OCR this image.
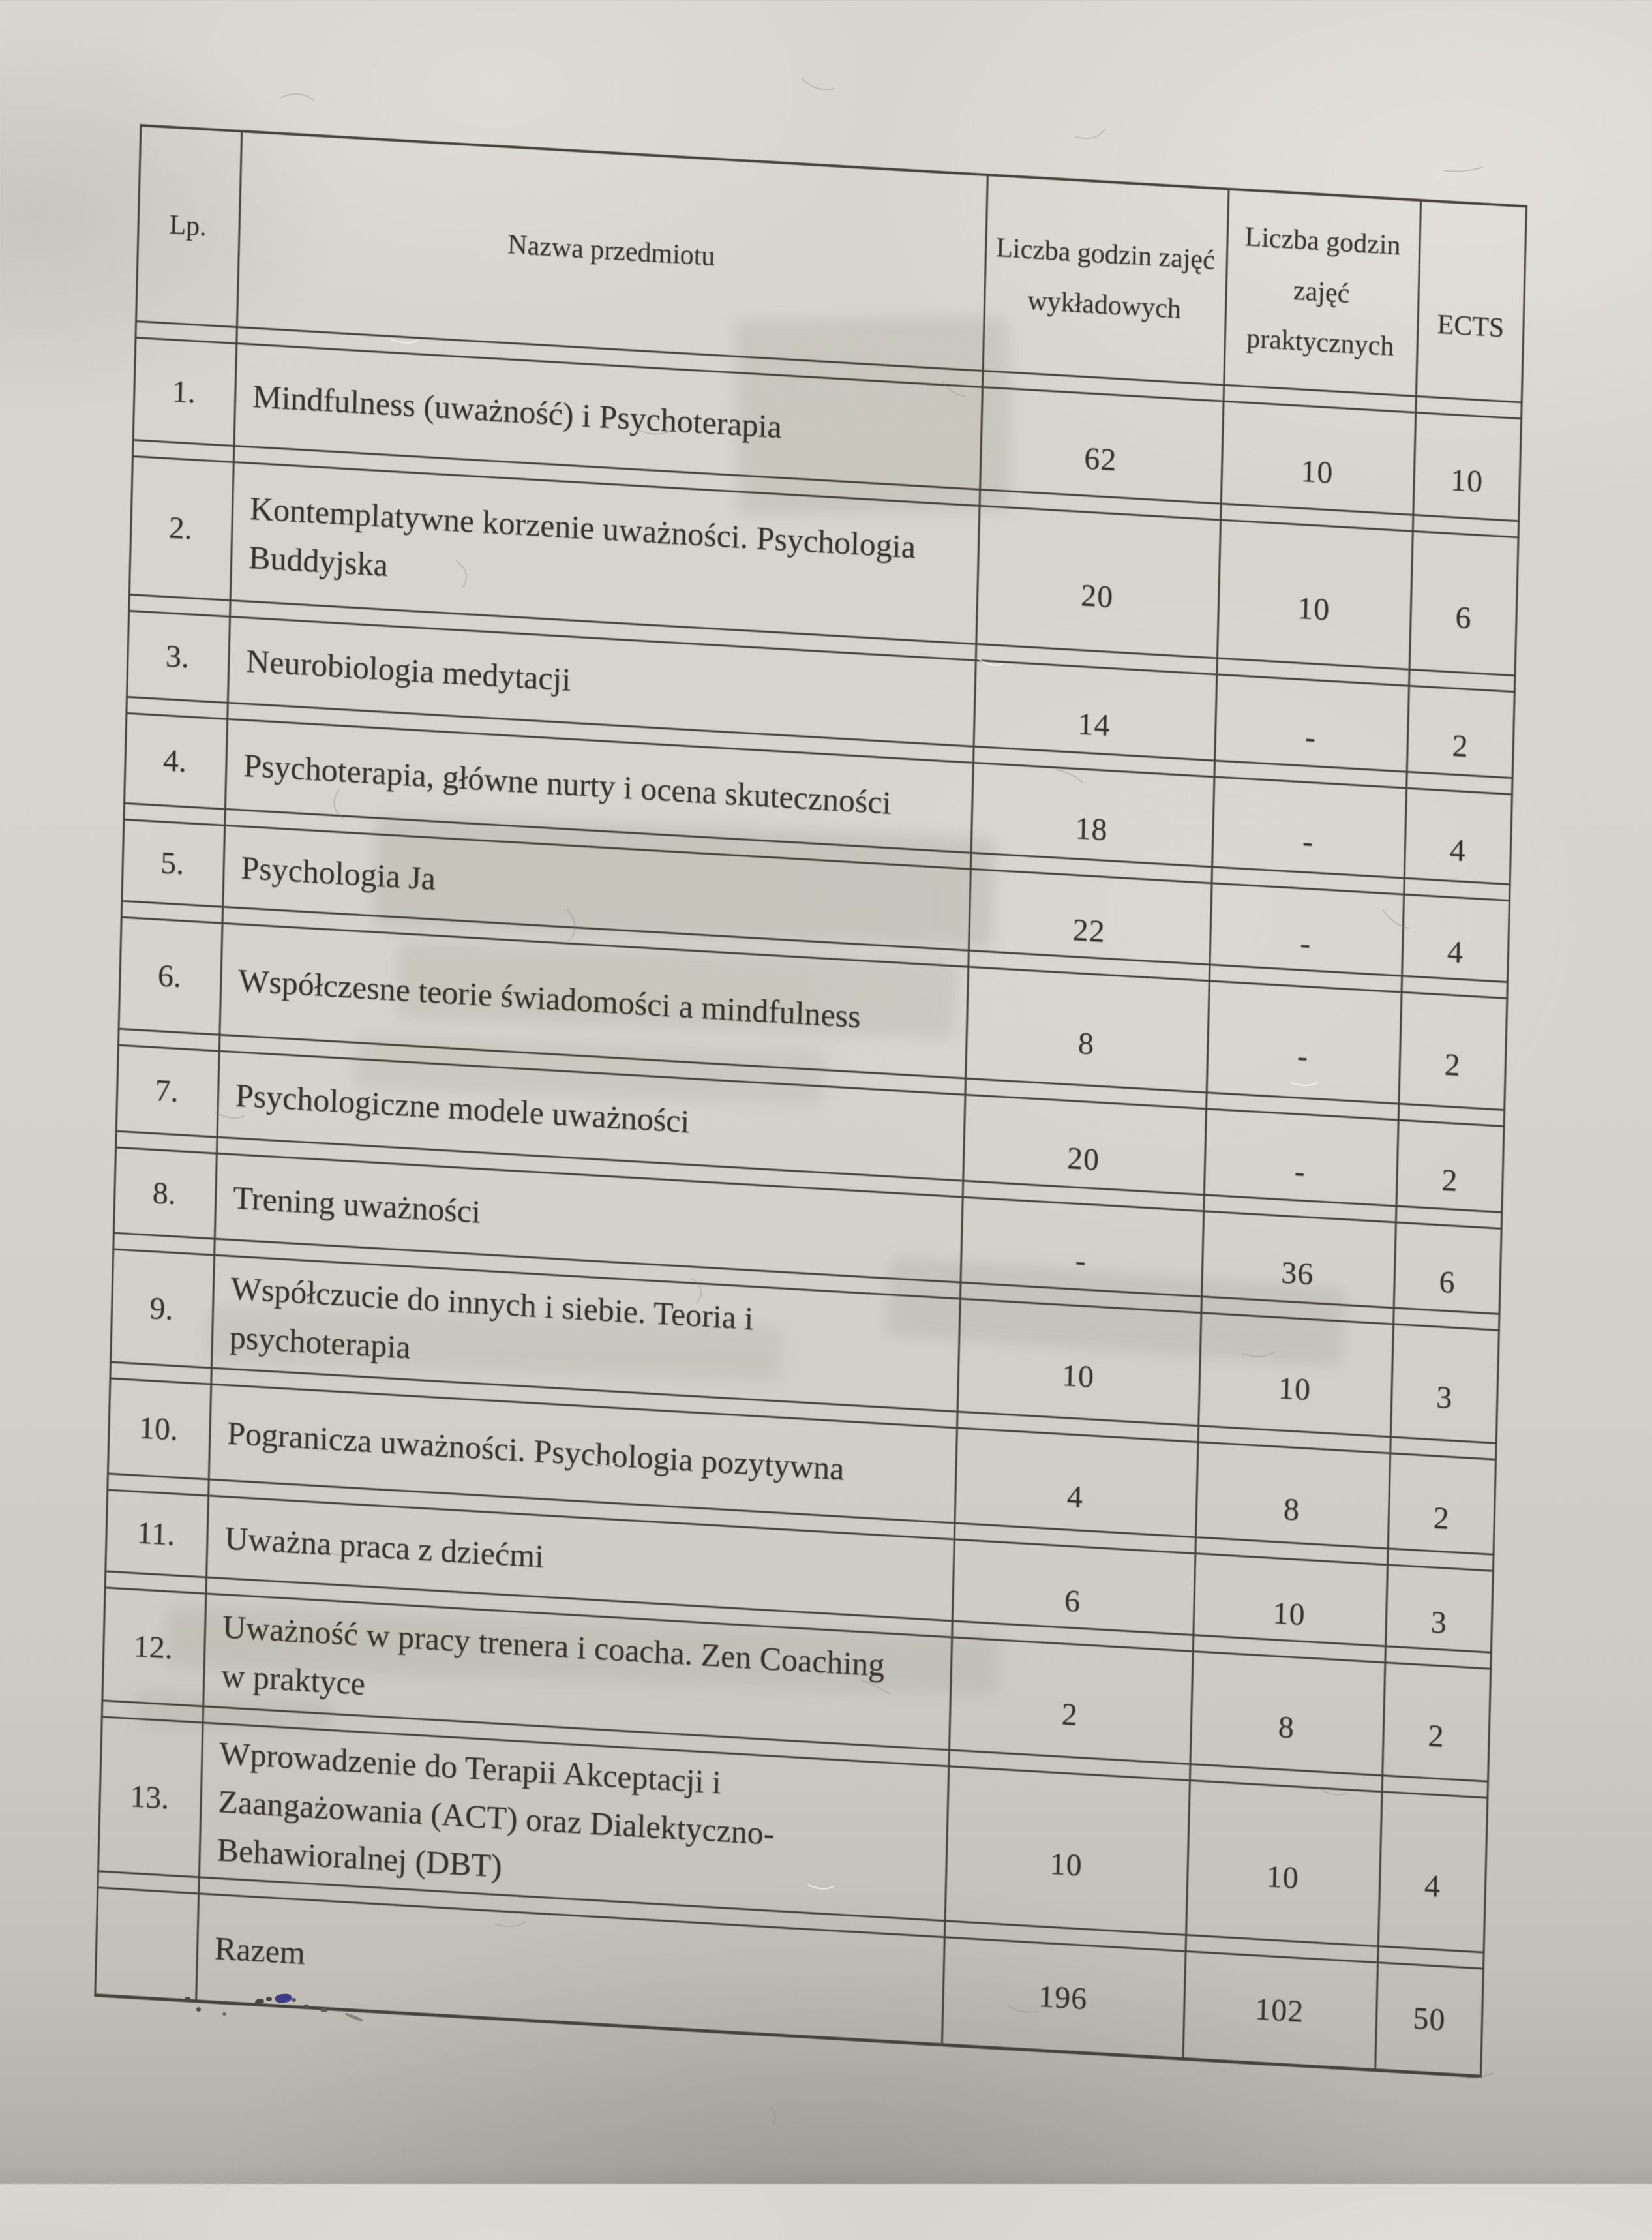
Lp.	Nazwa przedmiotu	Liczba godzin zajęć wykładowych	Liczba godzin zajęć praktycznych	ECTS
1.	Mindfulness (uważność) i Psychoterapia	62	10	10
2.	Kontemplatywne korzenie uważności. Psychologia Buddyjska	20	10	6
3.	Neurobiologia medytacji	14	-	2
4.	Psychoterapia, główne nurty i ocena skuteczności	18	-	4
5.	Psychologia Ja	22	-	4
6.	Współczesne teorie świadomości a mindfulness	8	-	2
7.	Psychologiczne modele uważności	20	-	2
8.	Trening uważności	-	36	6
9.	Współczucie do innych i siebie. Teoria i psychoterapia	10	10	3
10.	Pogranicza uważności. Psychologia pozytywna	4	8	2
11.	Uważna praca z dziećmi	6	10	3
12.	Uważność w pracy trenera i coacha. Zen Coaching w praktyce	2	8	2
13.	Wprowadzenie do Terapii Akceptacji i Zaangażowania (ACT) oraz Dialektyczno-Behawioralnej (DBT)	10	10	4
	Razem	196	102	50
